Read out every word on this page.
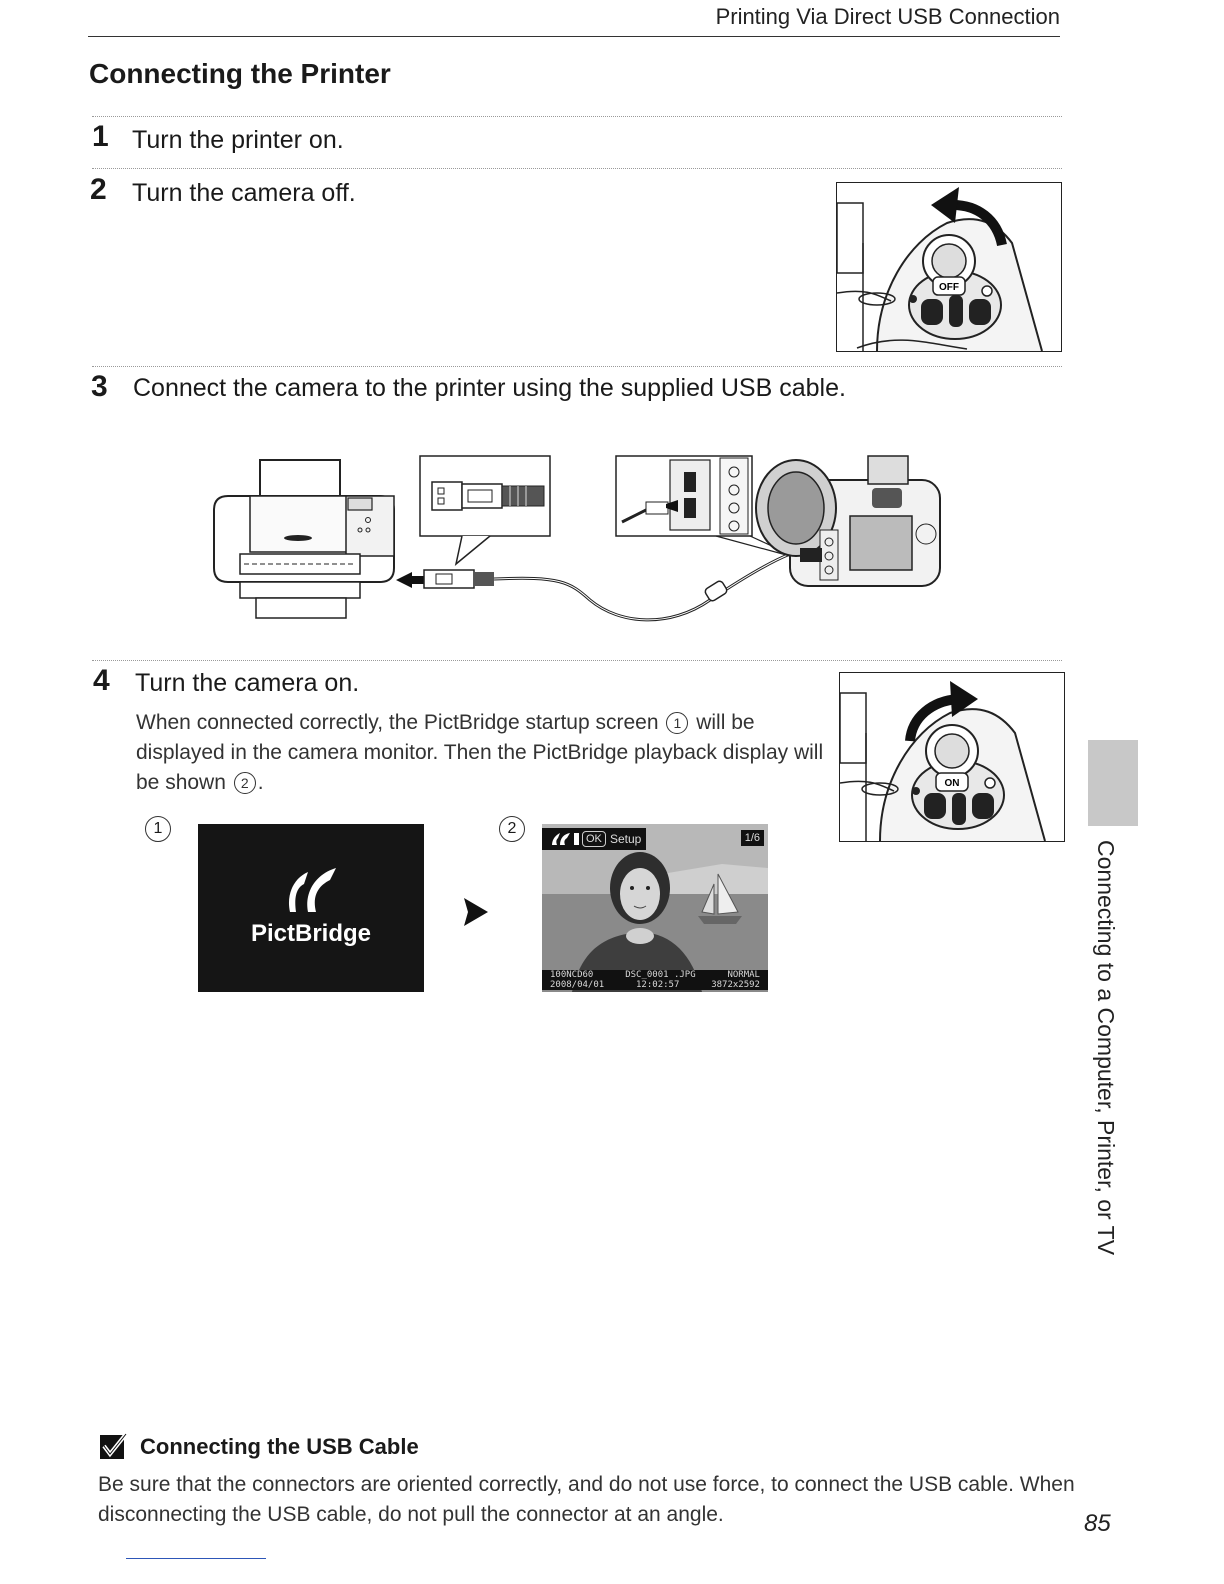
Printing Via Direct USB Connection
Connecting the Printer
1 Turn the printer on.
2 Turn the camera off.
OFF
3 Connect the camera to the printer using the supplied USB cable.
4 Turn the camera on.
When connected correctly, the PictBridge startup screen 1 will be displayed in the camera monitor. Then the PictBridge playback display will be shown 2 .	ON
1	2
PictBridge
OK Setup	1/6
100NCD60	DSC_0001 .JPG	NORMAL
2008/04/01	12:02:57	3872x2592	Connecting to a Computer, Printer, or TV
Connecting the USB Cable
Be sure that the connectors are oriented correctly, and do not use force, to connect the USB cable. When disconnecting the USB cable, do not pull the connector at an angle.	85
